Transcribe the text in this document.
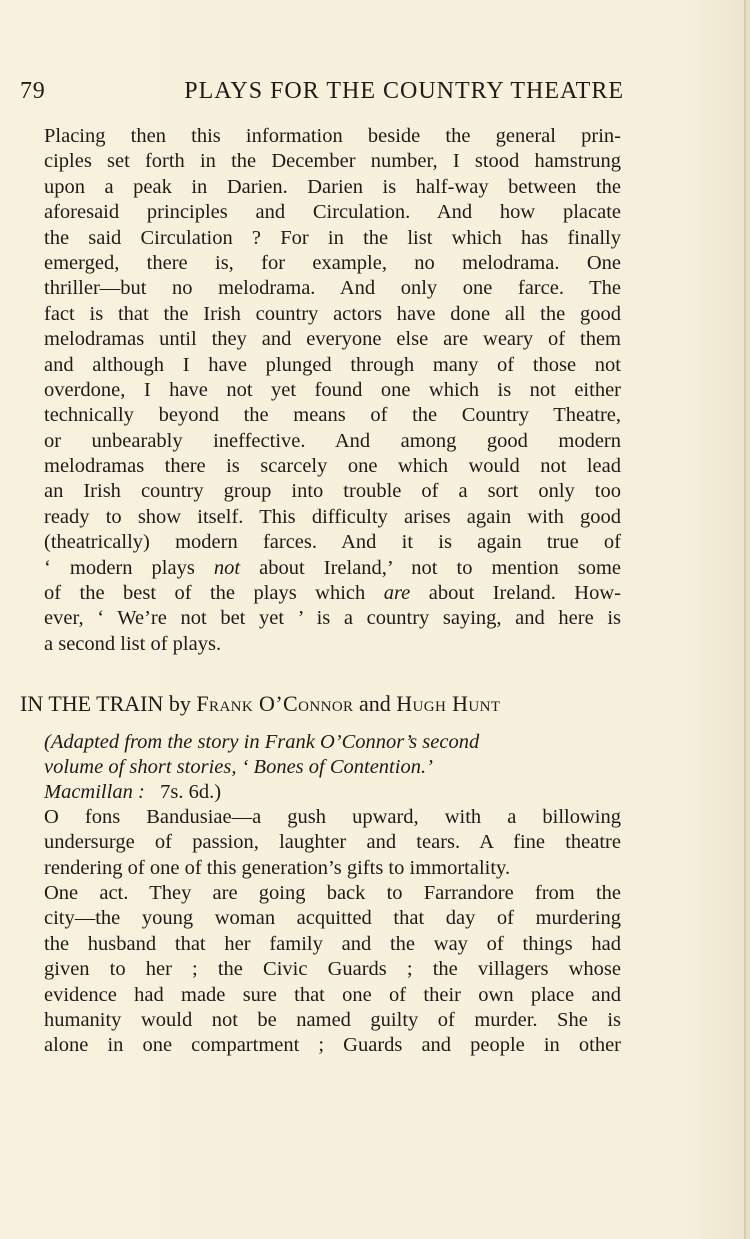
79	PLAYS FOR THE COUNTRY THEATRE
Placing then this information beside the general prin-
ciples set forth in the December number, I stood hamstrung
upon a peak in Darien. Darien is half-way between the
aforesaid principles and Circulation. And how placate
the said Circulation ? For in the list which has finally
emerged, there is, for example, no melodrama. One
thriller—but no melodrama. And only one farce. The
fact is that the Irish country actors have done all the good
melodramas until they and everyone else are weary of them
and although I have plunged through many of those not
overdone, I have not yet found one which is not either
technically beyond the means of the Country Theatre,
or unbearably ineffective. And among good modern
melodramas there is scarcely one which would not lead
an Irish country group into trouble of a sort only too
ready to show itself. This difficulty arises again with good
(theatrically) modern farces. And it is again true of
‘ modern plays not about Ireland,’ not to mention some
of the best of the plays which are about Ireland. How-
ever, ‘ We’re not bet yet ’ is a country saying, and here is
a second list of plays.
IN THE TRAIN by Frank O’Connor and Hugh Hunt
(Adapted from the story in Frank O’Connor’s second
volume of short stories, ‘ Bones of Contention.’
Macmillan : 7s. 6d.)
O fons Bandusiae—a gush upward, with a billowing
undersurge of passion, laughter and tears. A fine theatre
rendering of one of this generation’s gifts to immortality.
One act. They are going back to Farrandore from the
city—the young woman acquitted that day of murdering
the husband that her family and the way of things had
given to her ; the Civic Guards ; the villagers whose
evidence had made sure that one of their own place and
humanity would not be named guilty of murder. She is
alone in one compartment ; Guards and people in other
